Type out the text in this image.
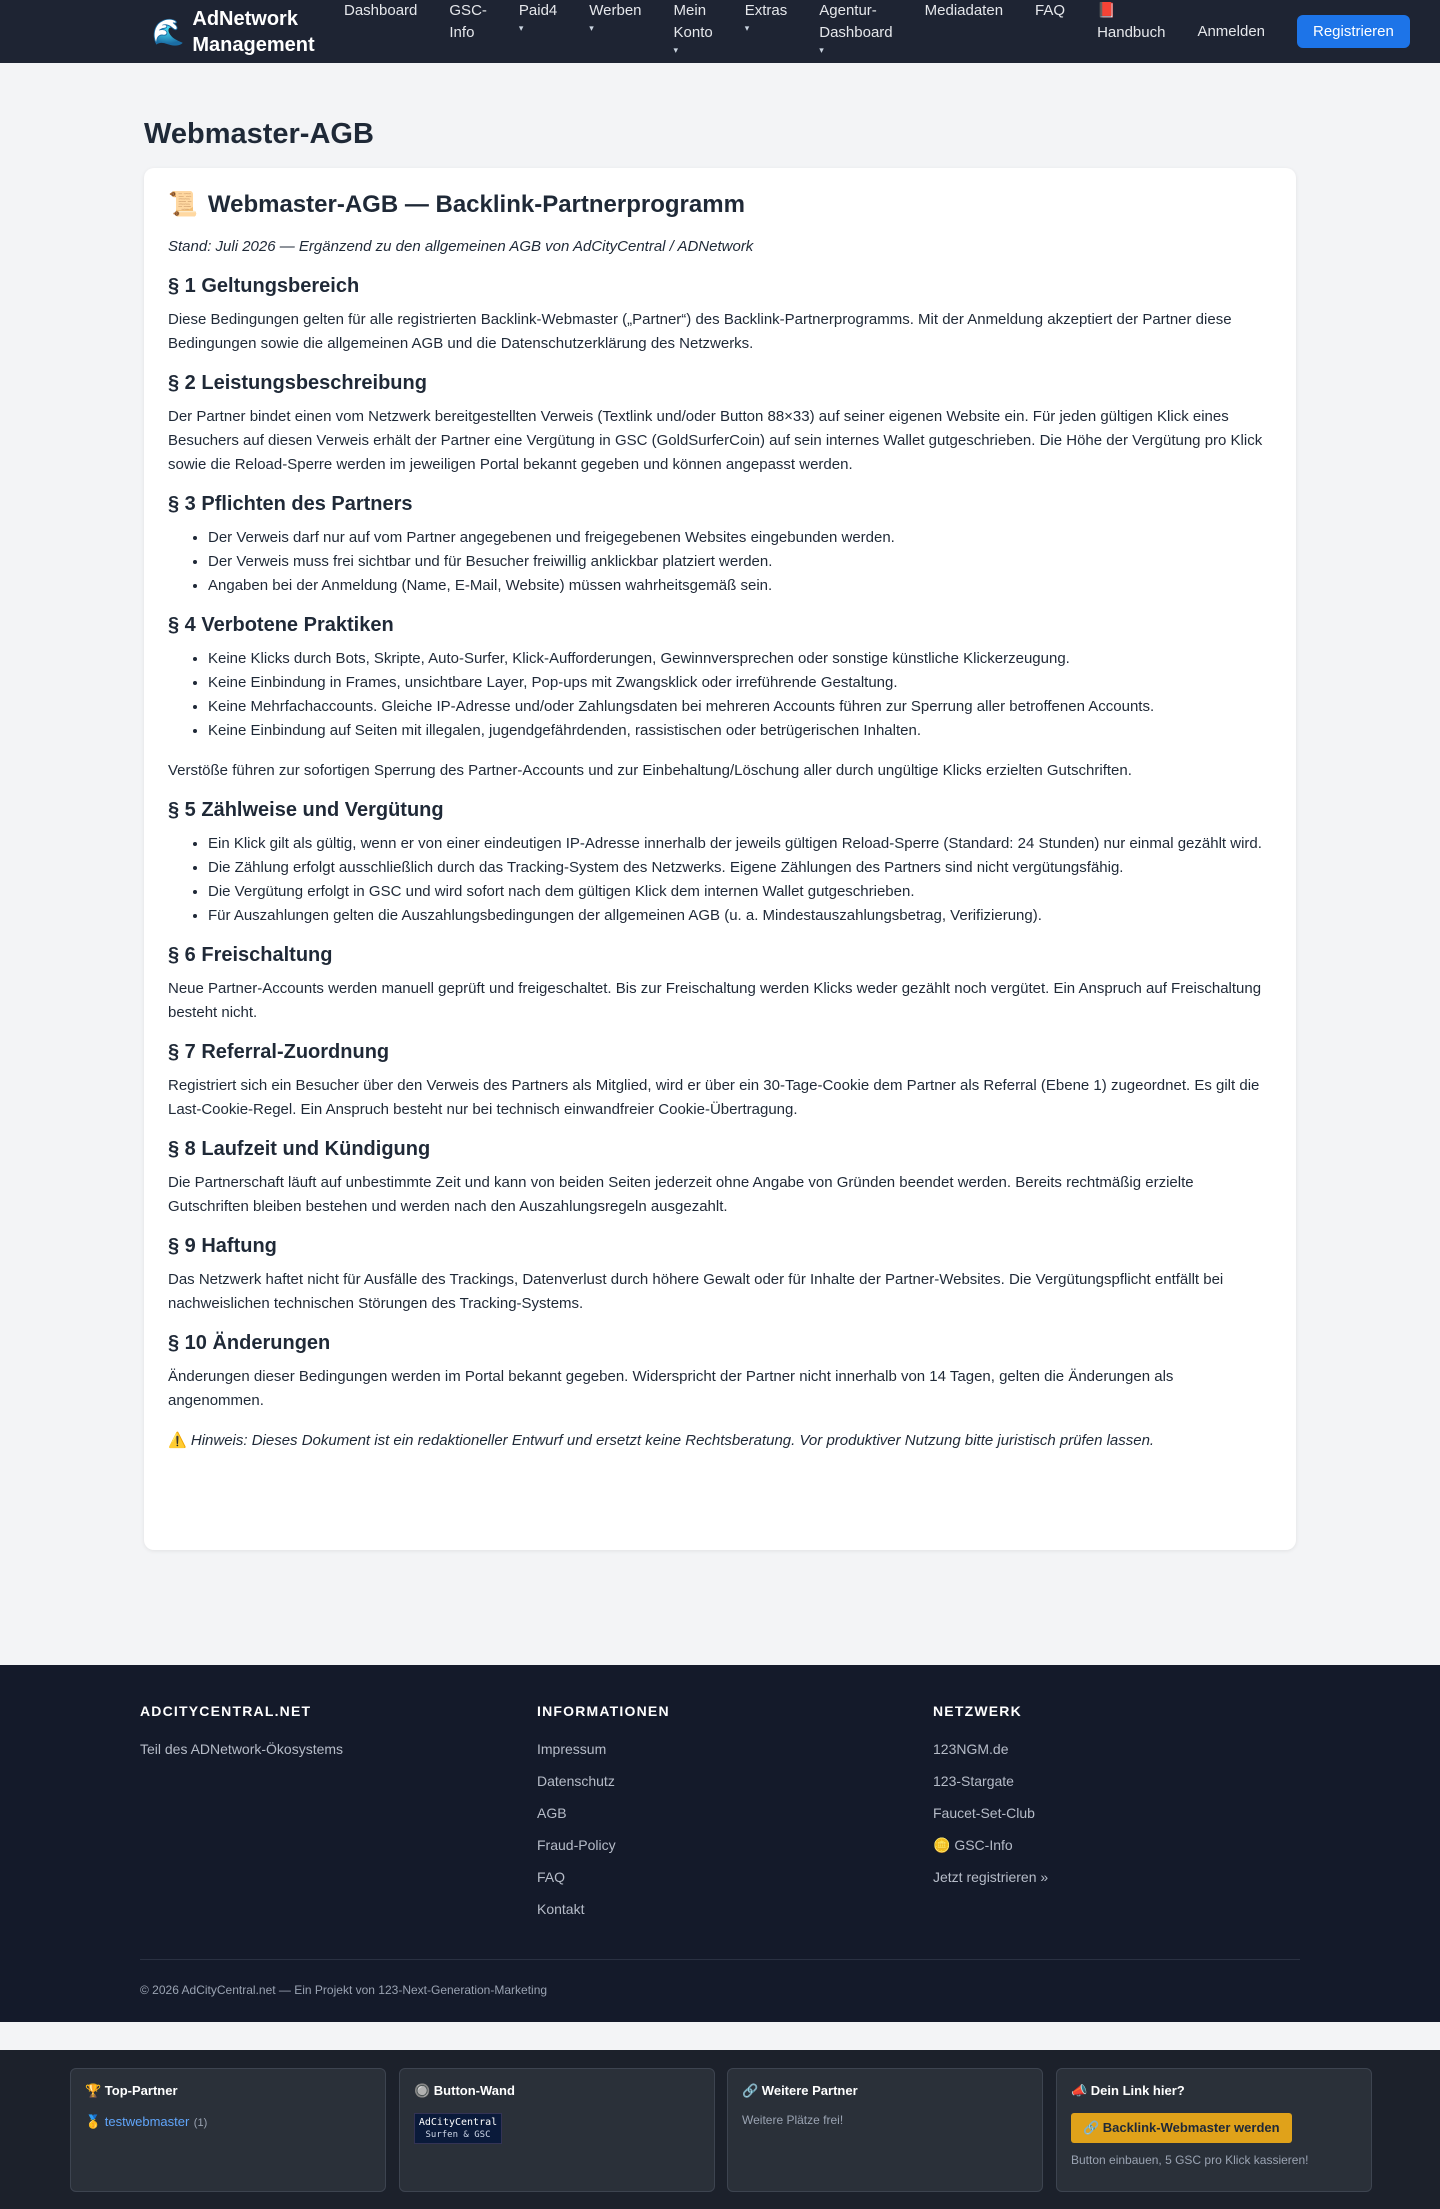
🌊 AdNetwork
Management
Dashboard GSC-
Info
Paid4
▾
Werben
▾
Mein
Konto
▾
Extras
▾
Agentur-
Dashboard
▾
Mediadaten FAQ 📕
Handbuch Anmelden	Registrieren
Webmaster-AGB
📜 Webmaster-AGB — Backlink-Partnerprogramm

Stand: Juli 2026 — Ergänzend zu den allgemeinen AGB von AdCityCentral / ADNetwork

§ 1 Geltungsbereich

Diese Bedingungen gelten für alle registrierten Backlink-Webmaster („Partner“) des Backlink-Partnerprogramms. Mit der Anmeldung akzeptiert der Partner diese Bedingungen sowie die allgemeinen AGB und die Datenschutzerklärung des Netzwerks.

§ 2 Leistungsbeschreibung

Der Partner bindet einen vom Netzwerk bereitgestellten Verweis (Textlink und/oder Button 88×33) auf seiner eigenen Website ein. Für jeden gültigen Klick eines Besuchers auf diesen Verweis erhält der Partner eine Vergütung in GSC (GoldSurferCoin) auf sein internes Wallet gutgeschrieben. Die Höhe der Vergütung pro Klick sowie die Reload-Sperre werden im jeweiligen Portal bekannt gegeben und können angepasst werden.

§ 3 Pflichten des Partners
• Der Verweis darf nur auf vom Partner angegebenen und freigegebenen Websites eingebunden werden.
• Der Verweis muss frei sichtbar und für Besucher freiwillig anklickbar platziert werden.
• Angaben bei der Anmeldung (Name, E-Mail, Website) müssen wahrheitsgemäß sein.
§ 4 Verbotene Praktiken
• Keine Klicks durch Bots, Skripte, Auto-Surfer, Klick-Aufforderungen, Gewinnversprechen oder sonstige künstliche Klickerzeugung.
• Keine Einbindung in Frames, unsichtbare Layer, Pop-ups mit Zwangsklick oder irreführende Gestaltung.
• Keine Mehrfachaccounts. Gleiche IP-Adresse und/oder Zahlungsdaten bei mehreren Accounts führen zur Sperrung aller betroffenen Accounts.
• Keine Einbindung auf Seiten mit illegalen, jugendgefährdenden, rassistischen oder betrügerischen Inhalten.

Verstöße führen zur sofortigen Sperrung des Partner-Accounts und zur Einbehaltung/Löschung aller durch ungültige Klicks erzielten Gutschriften.

§ 5 Zählweise und Vergütung
• Ein Klick gilt als gültig, wenn er von einer eindeutigen IP-Adresse innerhalb der jeweils gültigen Reload-Sperre (Standard: 24 Stunden) nur einmal gezählt wird.
• Die Zählung erfolgt ausschließlich durch das Tracking-System des Netzwerks. Eigene Zählungen des Partners sind nicht vergütungsfähig.
• Die Vergütung erfolgt in GSC und wird sofort nach dem gültigen Klick dem internen Wallet gutgeschrieben.
• Für Auszahlungen gelten die Auszahlungsbedingungen der allgemeinen AGB (u. a. Mindestauszahlungsbetrag, Verifizierung).
§ 6 Freischaltung

Neue Partner-Accounts werden manuell geprüft und freigeschaltet. Bis zur Freischaltung werden Klicks weder gezählt noch vergütet. Ein Anspruch auf Freischaltung besteht nicht.

§ 7 Referral-Zuordnung

Registriert sich ein Besucher über den Verweis des Partners als Mitglied, wird er über ein 30-Tage-Cookie dem Partner als Referral (Ebene 1) zugeordnet. Es gilt die Last-Cookie-Regel. Ein Anspruch besteht nur bei technisch einwandfreier Cookie-Übertragung.

§ 8 Laufzeit und Kündigung

Die Partnerschaft läuft auf unbestimmte Zeit und kann von beiden Seiten jederzeit ohne Angabe von Gründen beendet werden. Bereits rechtmäßig erzielte Gutschriften bleiben bestehen und werden nach den Auszahlungsregeln ausgezahlt.

§ 9 Haftung

Das Netzwerk haftet nicht für Ausfälle des Trackings, Datenverlust durch höhere Gewalt oder für Inhalte der Partner-Websites. Die Vergütungspflicht entfällt bei nachweislichen technischen Störungen des Tracking-Systems.

§ 10 Änderungen

Änderungen dieser Bedingungen werden im Portal bekannt gegeben. Widerspricht der Partner nicht innerhalb von 14 Tagen, gelten die Änderungen als angenommen.

⚠️ Hinweis: Dieses Dokument ist ein redaktioneller Entwurf und ersetzt keine Rechtsberatung. Vor produktiver Nutzung bitte juristisch prüfen lassen.

ADCITYCENTRAL.NET
Teil des ADNetwork-Ökosystems
INFORMATIONEN
Impressum
Datenschutz
AGB
Fraud-Policy
FAQ
Kontakt
NETZWERK
123NGM.de
123-Stargate
Faucet-Set-Club
🪙 GSC-Info
Jetzt registrieren »
© 2026 AdCityCentral.net — Ein Projekt von 123-Next-Generation-Marketing
🏆 Top-Partner
🥇 testwebmaster (1)
🔘 Button-Wand
AdCityCentral
Surfen & GSC
🔗 Weitere Partner
Weitere Plätze frei!
📣 Dein Link hier?
🔗 Backlink-Webmaster werden
Button einbauen, 5 GSC pro Klick kassieren!
